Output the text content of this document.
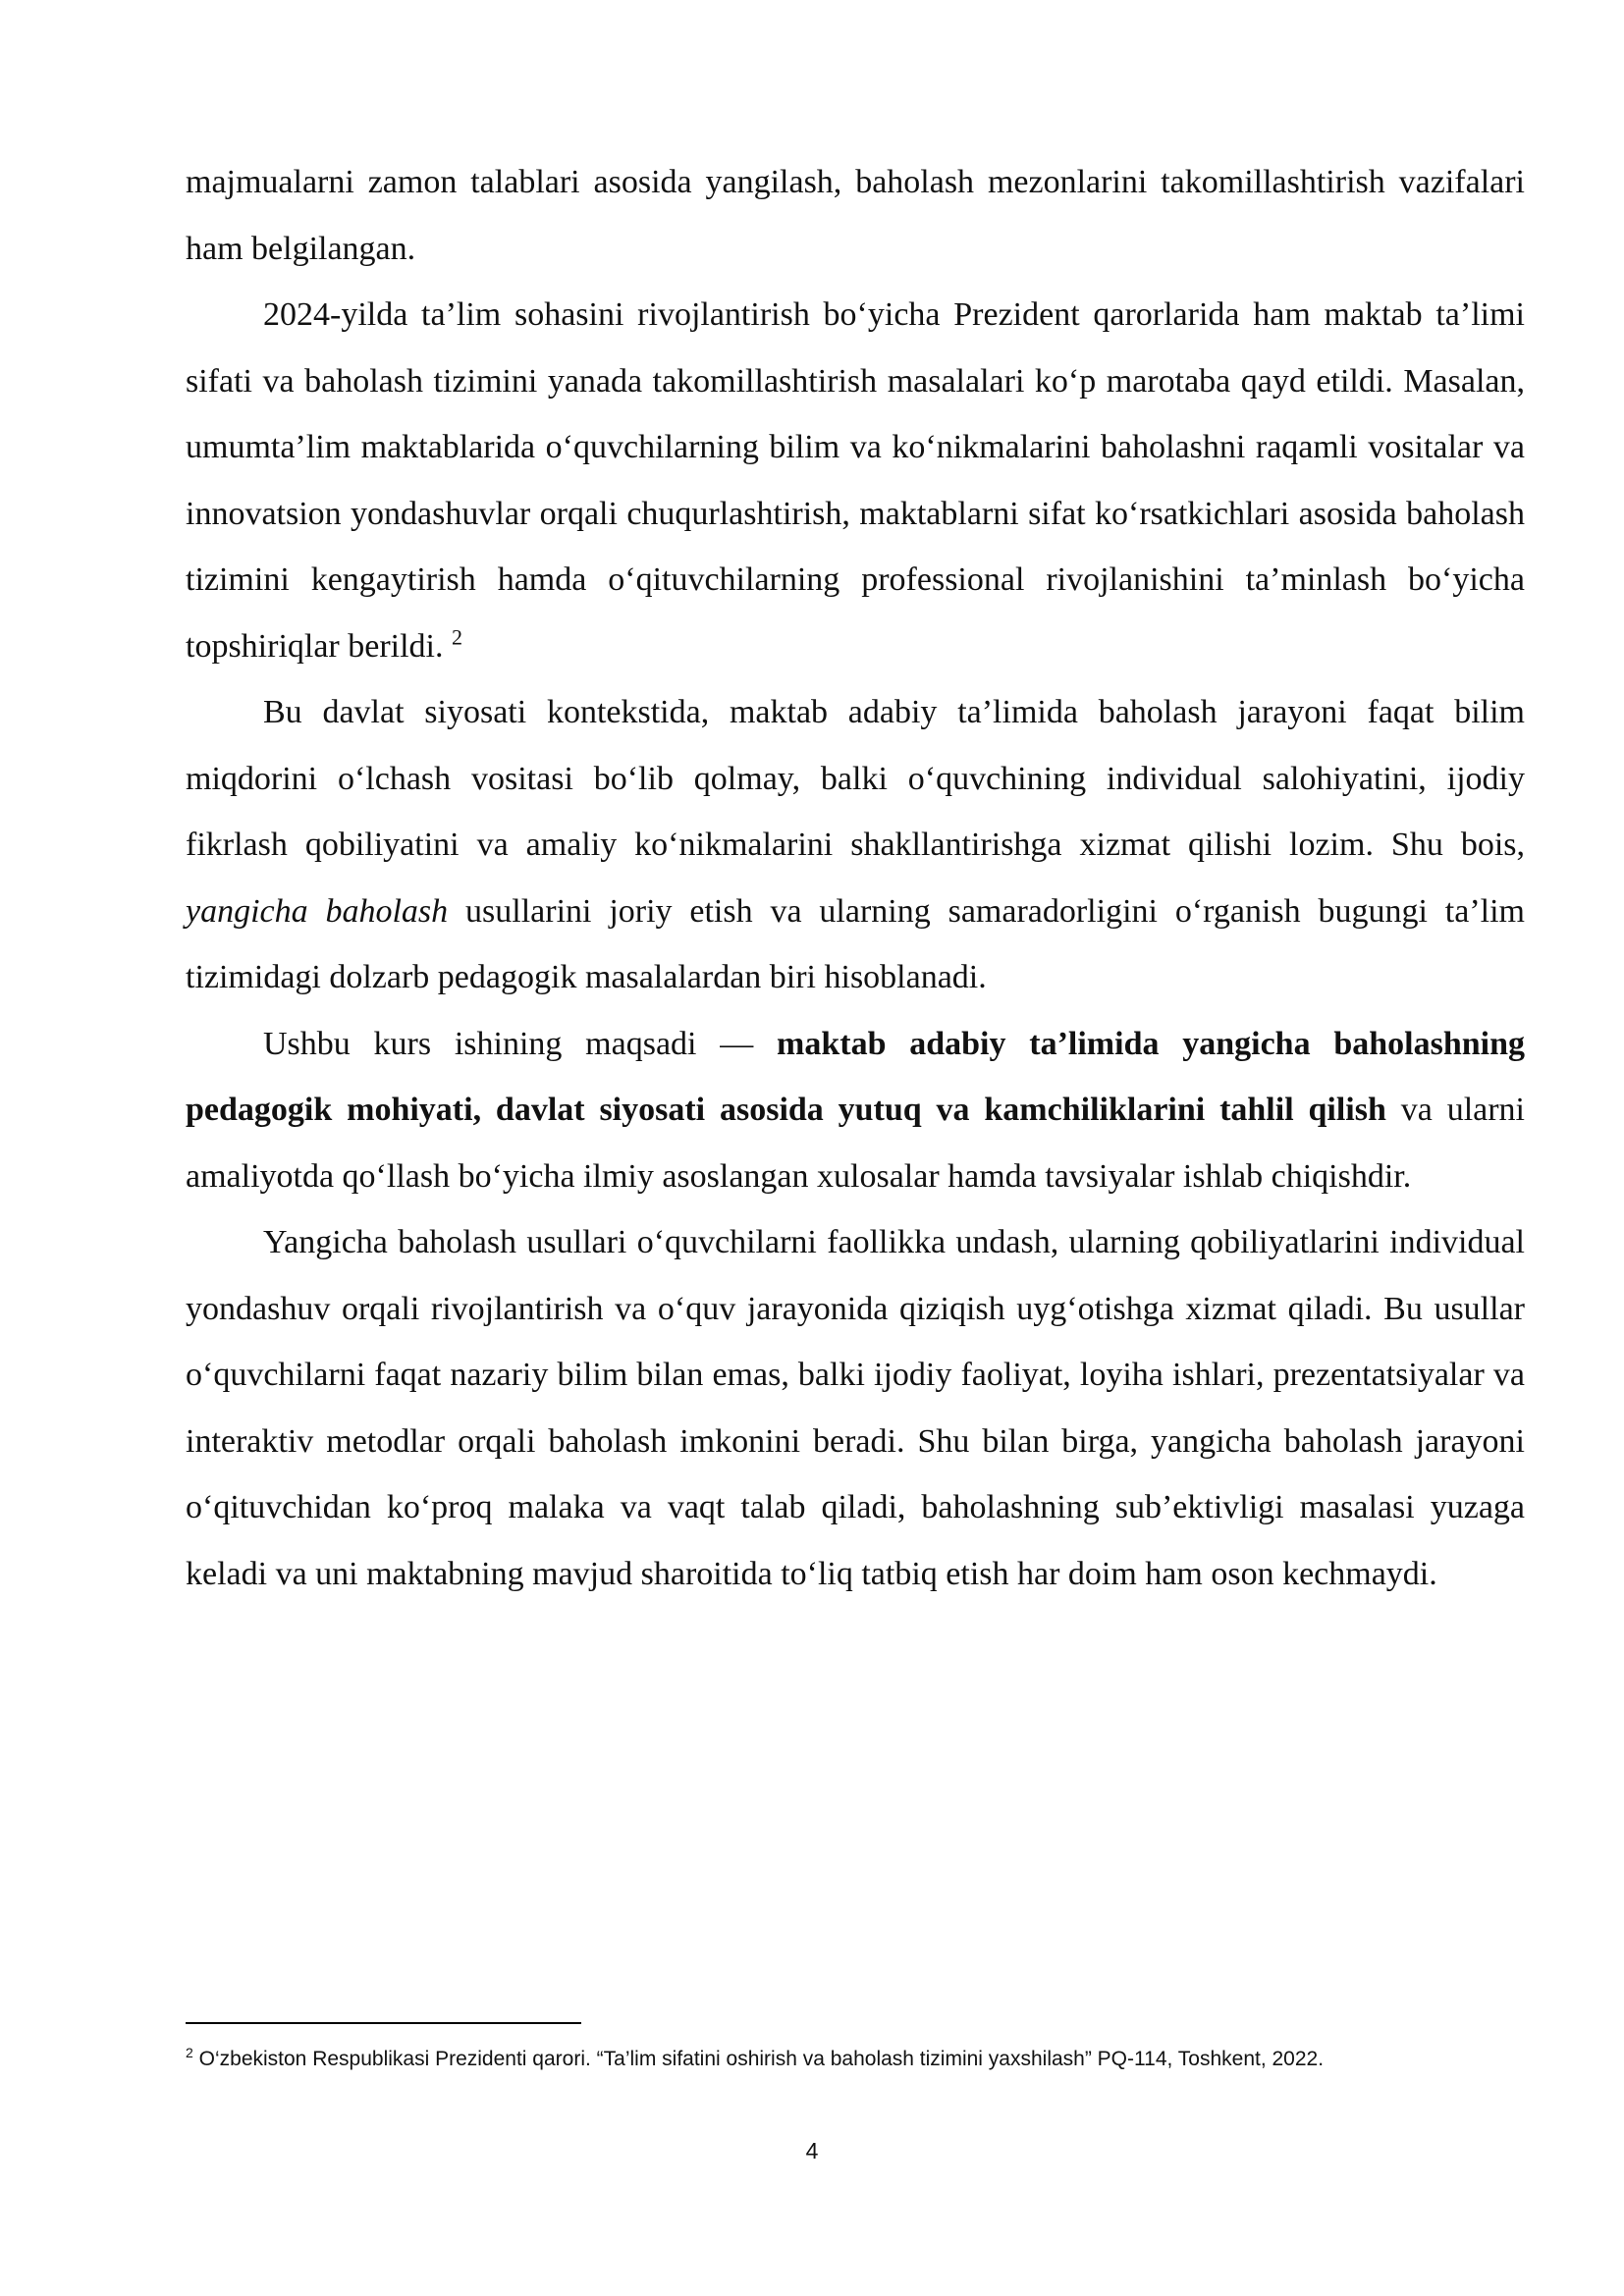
majmualarni zamon talablari asosida yangilash, baholash mezonlarini takomillashtirish vazifalari ham belgilangan.

2024-yilda ta’lim sohasini rivojlantirish bo‘yicha Prezident qarorlarida ham maktab ta’limi sifati va baholash tizimini yanada takomillashtirish masalalari ko‘p marotaba qayd etildi. Masalan, umumta’lim maktablarida o‘quvchilarning bilim va ko‘nikmalarini baholashni raqamli vositalar va innovatsion yondashuvlar orqali chuqurlashtirish, maktablarni sifat ko‘rsatkichlari asosida baholash tizimini kengaytirish hamda o‘qituvchilarning professional rivojlanishini ta’minlash bo‘yicha topshiriqlar berildi. $^2$

Bu davlat siyosati kontekstida, maktab adabiy ta’limida baholash jarayoni faqat bilim miqdorini o‘lchash vositasi bo‘lib qolmay, balki o‘quvchining individual salohiyatini, ijodiy fikrlash qobiliyatini va amaliy ko‘nikmalarini shakllantirishga xizmat qilishi lozim. Shu bois, yangicha baholash usullarini joriy etish va ularning samaradorligini o‘rganish bugungi ta’lim tizimidagi dolzarb pedagogik masalalardan biri hisoblanadi.

Ushbu kurs ishining maqsadi — maktab adabiy ta’limida yangicha baholashning pedagogik mohiyati, davlat siyosati asosida yutuq va kamchiliklarini tahlil qilish va ularni amaliyotda qo‘llash bo‘yicha ilmiy asoslangan xulosalar hamda tavsiyalar ishlab chiqishdir.

Yangicha baholash usullari o‘quvchilarni faollikka undash, ularning qobiliyatlarini individual yondashuv orqali rivojlantirish va o‘quv jarayonida qiziqish uyg‘otishga xizmat qiladi. Bu usullar o‘quvchilarni faqat nazariy bilim bilan emas, balki ijodiy faoliyat, loyiha ishlari, prezentatsiyalar va interaktiv metodlar orqali baholash imkonini beradi. Shu bilan birga, yangicha baholash jarayoni o‘qituvchidan ko‘proq malaka va vaqt talab qiladi, baholashning sub’ektivligi masalasi yuzaga keladi va uni maktabning mavjud sharoitida to‘liq tatbiq etish har doim ham oson kechmaydi.

$^2$ O‘zbekiston Respublikasi Prezidenti qarori. “Ta’lim sifatini oshirish va baholash tizimini yaxshilash” PQ-114, Toshkent, 2022.
4
